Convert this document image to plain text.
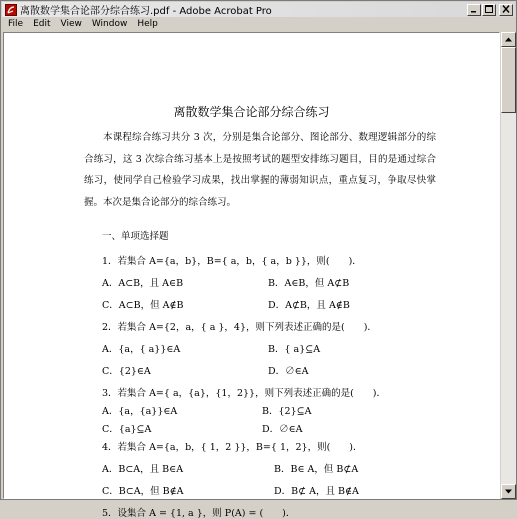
离散数学集合论部分综合练习.pdf - Adobe Acrobat Pro
File	Edit	View	Window	Help
离散数学集合论部分综合练习
本课程综合练习共分 3 次，分别是集合论部分、图论部分、数理逻辑部分的综合练习，这 3 次综合练习基本上是按照考试的题型安排练习题目，目的是通过综合练习，使同学自己检验学习成果，找出掌握的薄弱知识点，重点复习，争取尽快掌握。本次是集合论部分的综合练习。
一、单项选择题
1．若集合 A={a，b}，B={ a，b，{ a，b }}，则(　　)．
A．A⊂B，且 A∈B	B．A∈B，但 A⊄B
C．A⊂B，但 A∉B	D．A⊄B，且 A∉B
2．若集合 A={2，a，{ a }，4}，则下列表述正确的是(　　)．
A．{a，{ a}}∈A	B．{ a}⊆A
C．{2}∈A	D．∅∈A
3．若集合 A={ a，{a}，{1，2}}，则下列表述正确的是(　　)．
A．{a，{a}}∈A	B．{2}⊆A
C．{a}⊆A	D．∅∈A
4．若集合 A={a，b，{ 1，2 }}，B={ 1，2}，则(　　)．
A．B⊂A，且 B∈A	B．B∈ A，但 B⊄A
C．B⊂A，但 B∉A	D．B⊄ A，且 B∉A
5．设集合 A = {1, a }，则 P(A) = (　　)．
